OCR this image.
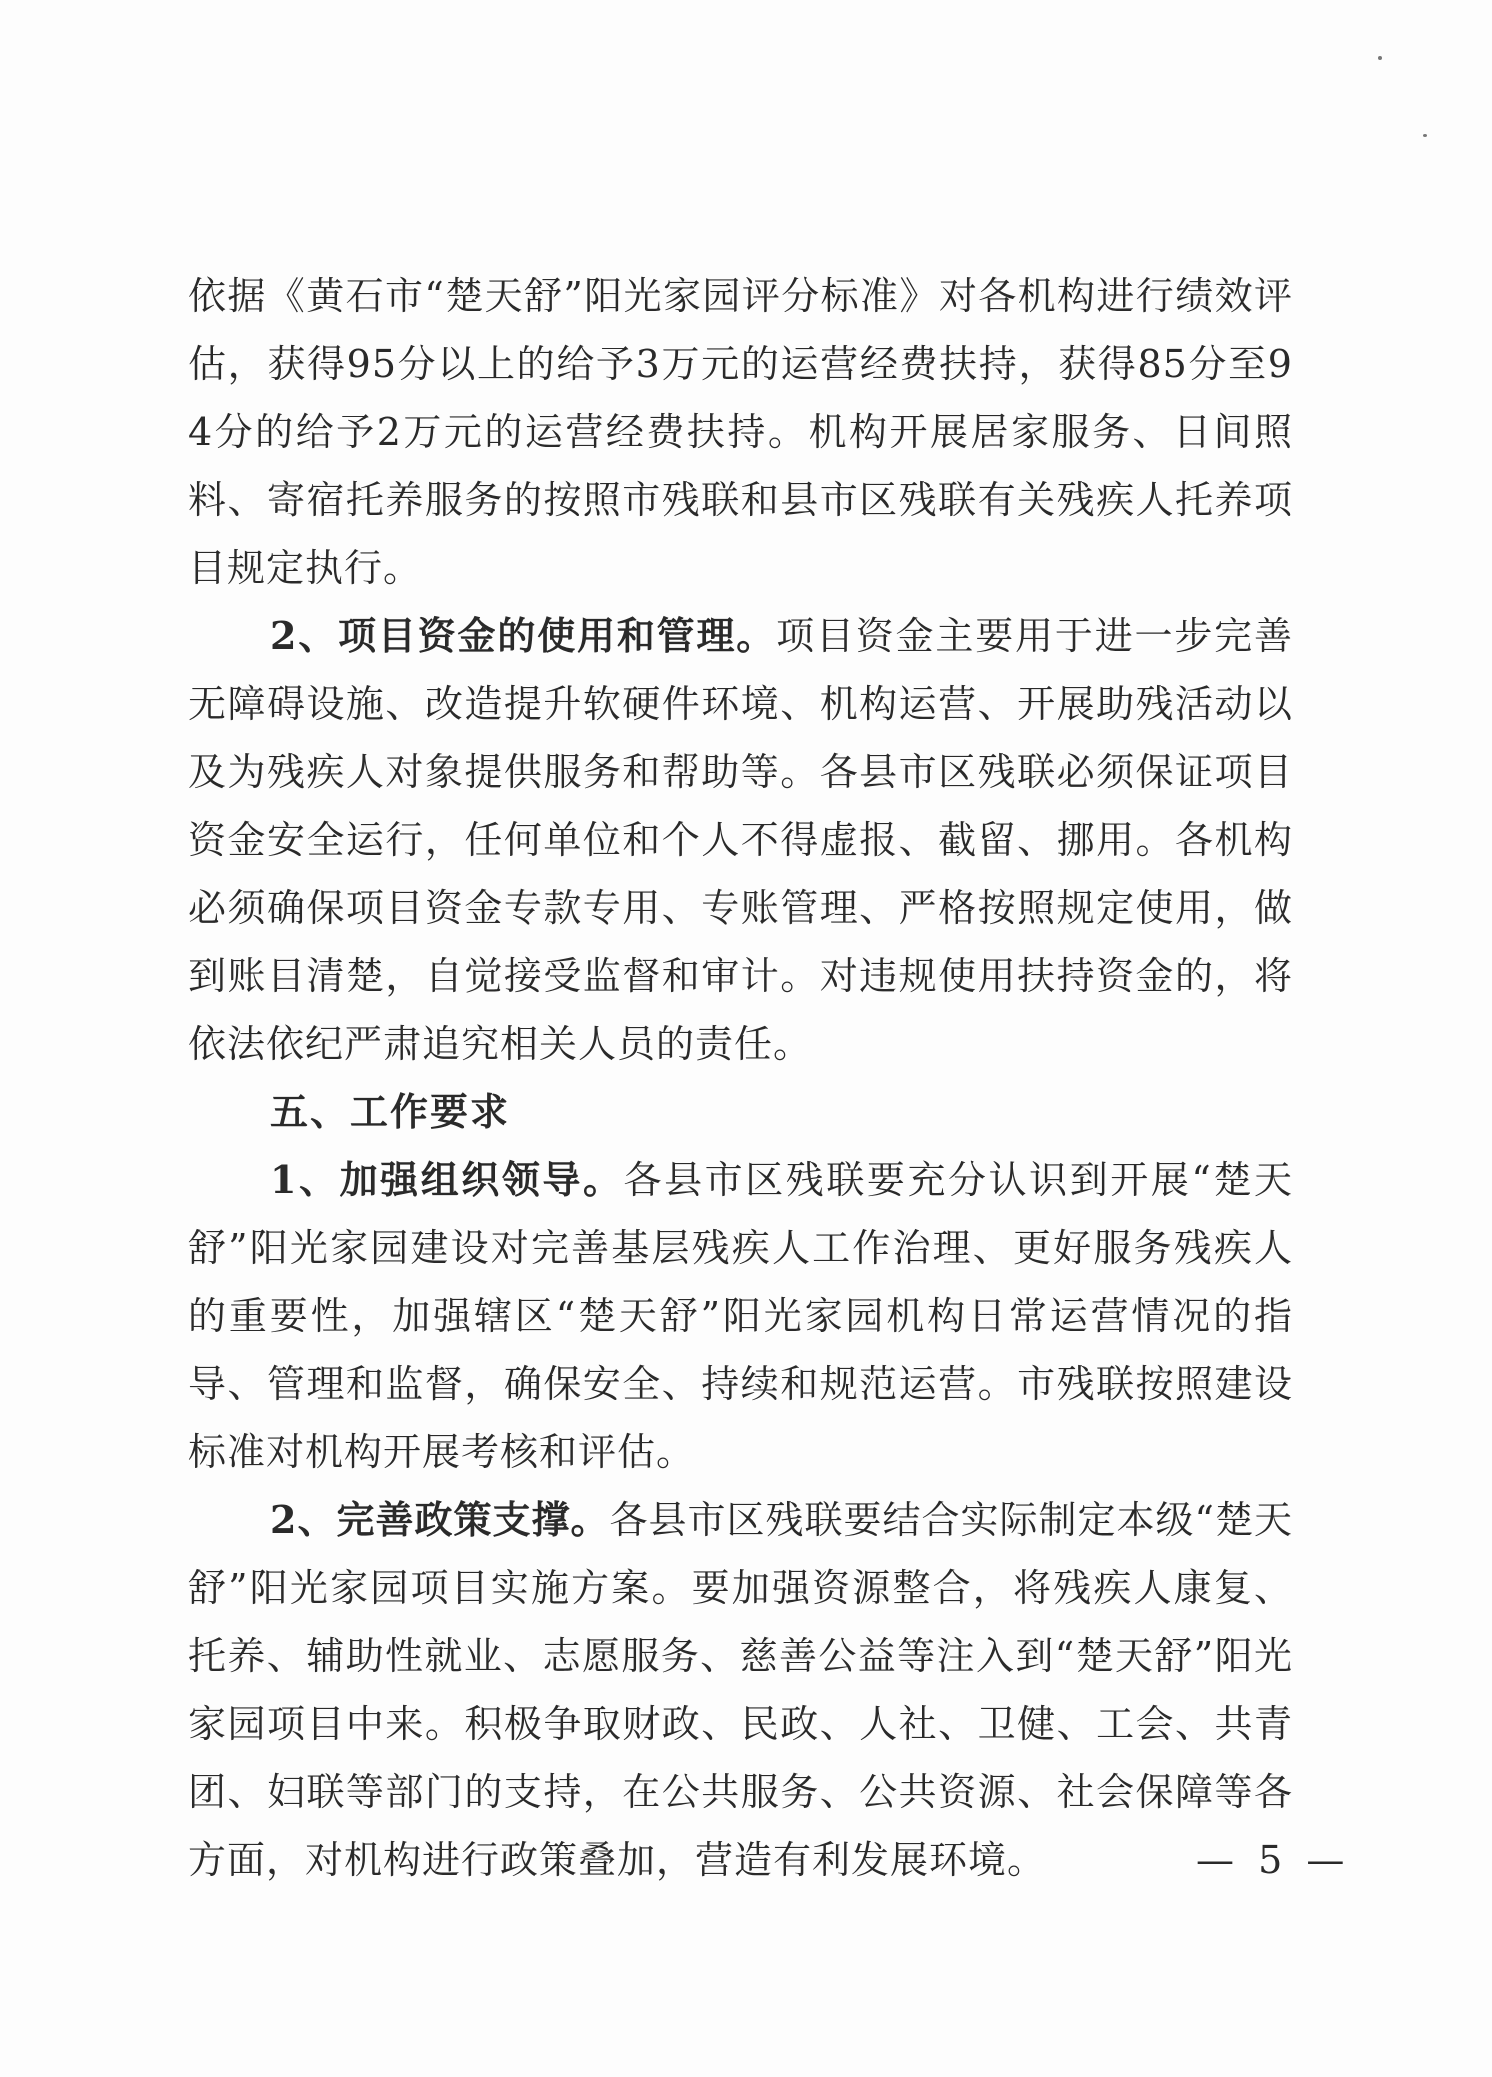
依据《黄石市“楚天舒”阳光家园评分标准》对各机构进行绩效评估，获得95分以上的给予3万元的运营经费扶持，获得85分至94分的给予2万元的运营经费扶持。机构开展居家服务、日间照料、寄宿托养服务的按照市残联和县市区残联有关残疾人托养项目规定执行。

2、项目资金的使用和管理。项目资金主要用于进一步完善无障碍设施、改造提升软硬件环境、机构运营、开展助残活动以及为残疾人对象提供服务和帮助等。各县市区残联必须保证项目资金安全运行，任何单位和个人不得虚报、截留、挪用。各机构必须确保项目资金专款专用、专账管理、严格按照规定使用，做到账目清楚，自觉接受监督和审计。对违规使用扶持资金的，将依法依纪严肃追究相关人员的责任。

五、工作要求

1、加强组织领导。各县市区残联要充分认识到开展“楚天舒”阳光家园建设对完善基层残疾人工作治理、更好服务残疾人的重要性，加强辖区“楚天舒”阳光家园机构日常运营情况的指导、管理和监督，确保安全、持续和规范运营。市残联按照建设标准对机构开展考核和评估。

2、完善政策支撑。各县市区残联要结合实际制定本级“楚天舒”阳光家园项目实施方案。要加强资源整合，将残疾人康复、托养、辅助性就业、志愿服务、慈善公益等注入到“楚天舒”阳光家园项目中来。积极争取财政、民政、人社、卫健、工会、共青团、妇联等部门的支持，在公共服务、公共资源、社会保障等各方面，对机构进行政策叠加，营造有利发展环境。	— 5 —
